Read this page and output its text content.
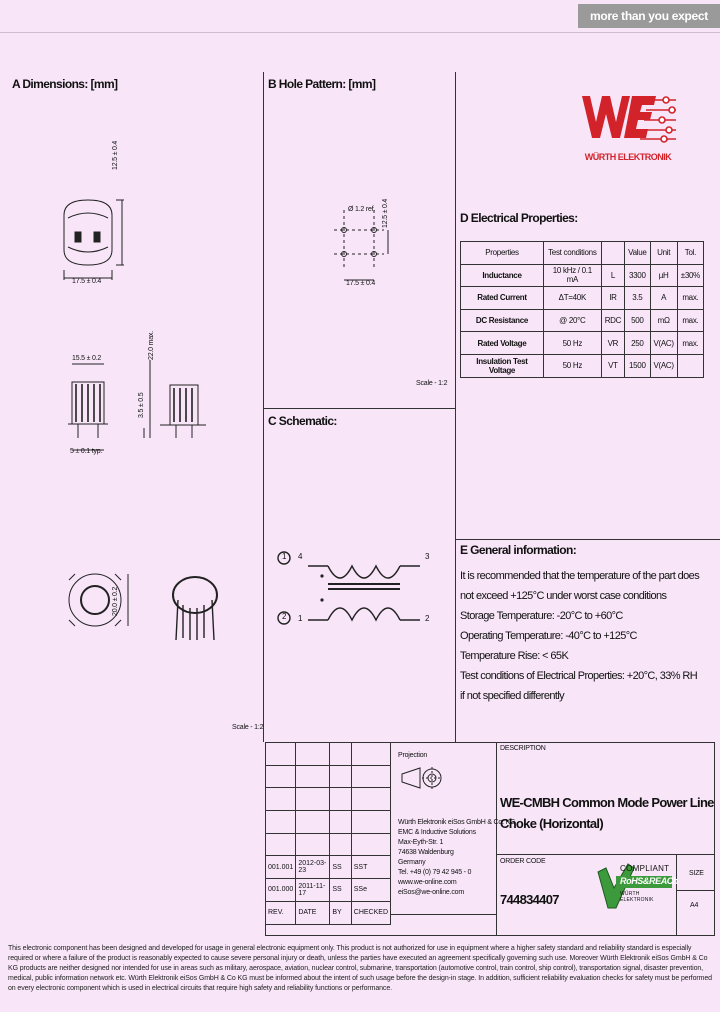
more than you expect
A Dimensions: [mm]	B Hole Pattern: [mm]
C Schematic:
D Electrical Properties:
E General information:
WÜRTH ELEKTRONIK
17.5 ± 0.4
12.5 ± 0.4
15.5 ± 0.2	22.0 max.
3.5 ± 0.5
5 ± 0.1 typ.
20.0 ± 0.2
Scale - 1:2
Ø 1.2 ref.
17.5 ± 0.4
12.5 ± 0.4
Scale - 1:2
1
2
4	3
1	2
Properties	Test conditions		Value	Unit	Tol.
Inductance	10 kHz / 0.1 mA	L	3300	µH	±30%
Rated Current	ΔT=40K	IR	3.5	A	max.
DC Resistance	@ 20°C	RDC	500	mΩ	max.
Rated Voltage	50 Hz	VR	250	V(AC)	max.
Insulation Test Voltage	50 Hz	VT	1500	V(AC)	
It is recommended that the temperature of the part does
not exceed +125°C under worst case conditions
Storage Temperature: -20°C to +60°C
Operating Temperature: -40°C to +125°C
Temperature Rise: < 65K
Test conditions of Electrical Properties: +20°C, 33% RH
if not specified differently

001.001	2012-03-23	SS	SST
001.000	2011-11-17	SS	SSe
REV.	DATE	BY	CHECKED
Projection
Würth Elektronik eiSos GmbH & Co. KG
EMC & Inductive Solutions
Max-Eyth-Str. 1
74638 Waldenburg
Germany
Tel. +49 (0) 79 42 945 - 0
www.we-online.com
eiSos@we-online.com
DESCRIPTION
WE-CMBH Common Mode Power Line
Choke (Horizontal)
ORDER CODE
744834407
SIZE
A4
COMPLIANT
RoHS&REACh
WÜRTH ELEKTRONIK
This electronic component has been designed and developed for usage in general electronic equipment only. This product is not authorized for use in equipment where a higher safety standard and reliability standard is especially required or where a failure of the product is reasonably expected to cause severe personal injury or death, unless the parties have executed an agreement specifically governing such use. Moreover Würth Elektronik eiSos GmbH & Co KG products are neither designed nor intended for use in areas such as military, aerospace, aviation, nuclear control, submarine, transportation (automotive control, train control, ship control), transportation signal, disaster prevention, medical, public information network etc. Würth Elektronik eiSos GmbH & Co KG must be informed about the intent of such usage before the design-in stage. In addition, sufficient reliability evaluation checks for safety must be performed on every electronic component which is used in electrical circuits that require high safety and reliability functions or performance.
